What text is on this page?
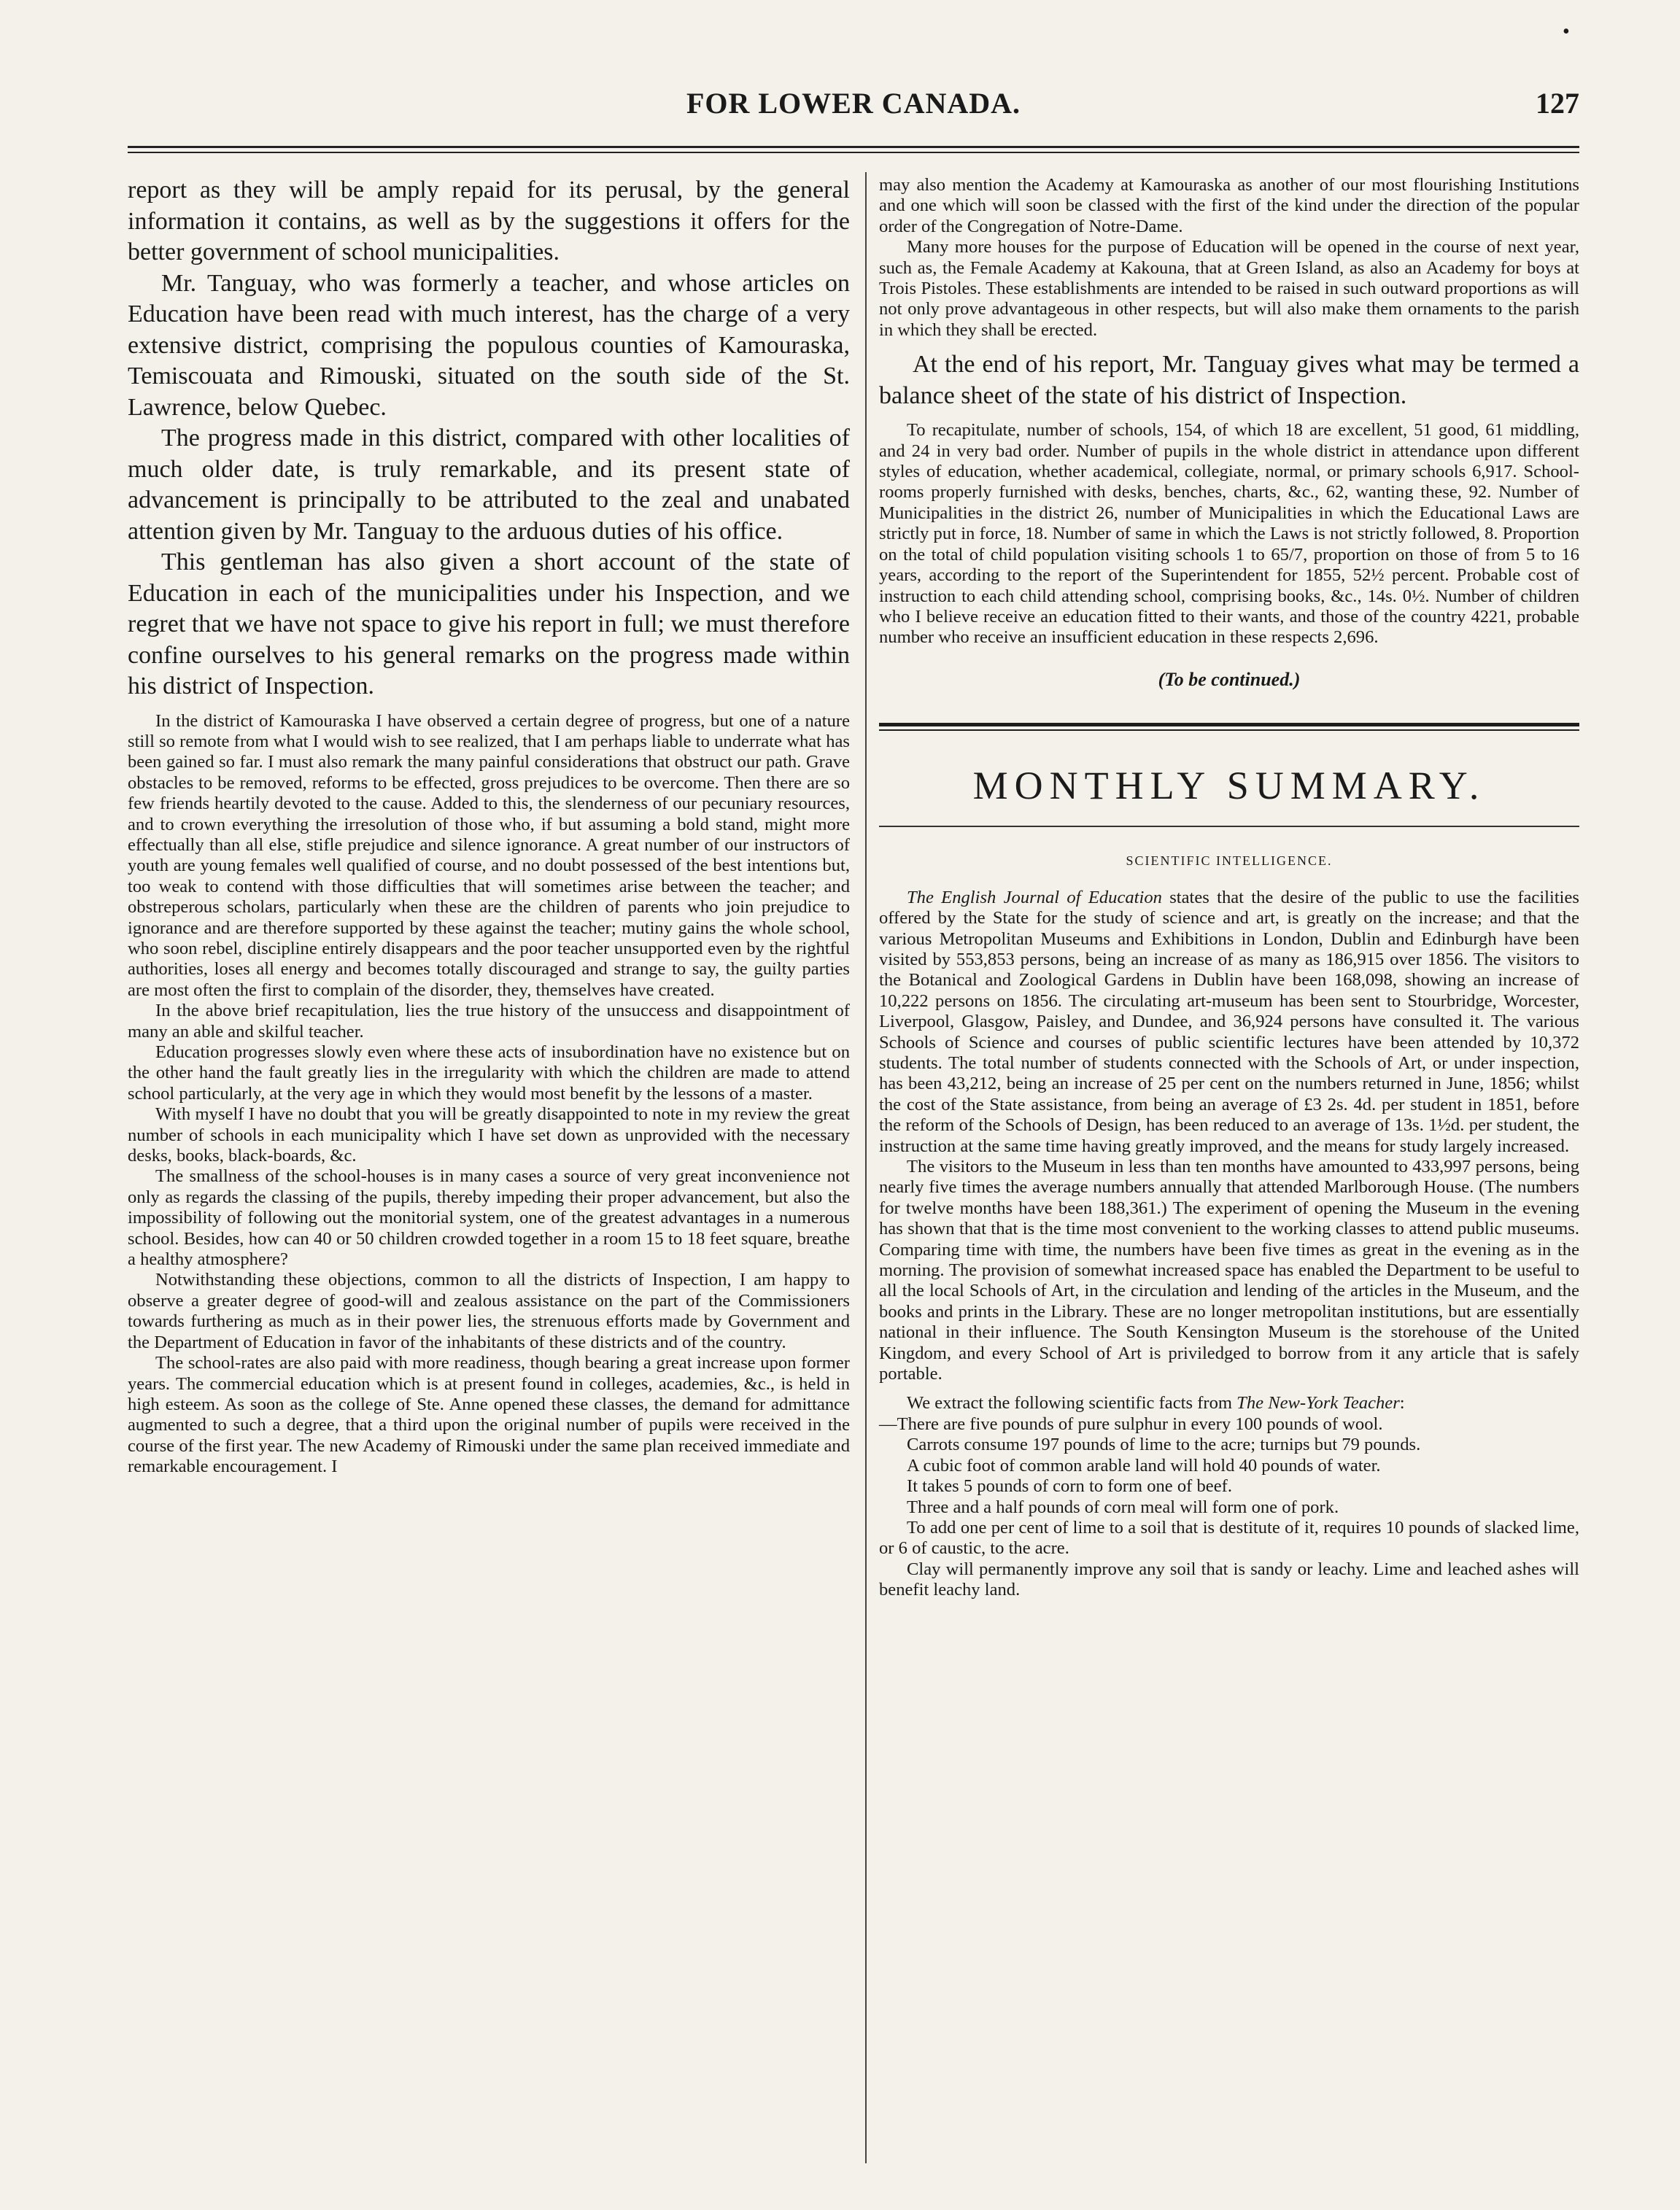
•
FOR LOWER CANADA.	127

report as they will be amply repaid for its perusal, by the general information it contains, as well as by the suggestions it offers for the better government of school municipalities.

Mr. Tanguay, who was formerly a teacher, and whose articles on Education have been read with much interest, has the charge of a very extensive district, comprising the populous counties of Kamouraska, Temiscouata and Rimouski, situated on the south side of the St. Lawrence, below Quebec.

The progress made in this district, compared with other localities of much older date, is truly remarkable, and its present state of advancement is principally to be attributed to the zeal and unabated attention given by Mr. Tanguay to the arduous duties of his office.

This gentleman has also given a short account of the state of Education in each of the municipalities under his Inspection, and we regret that we have not space to give his report in full; we must therefore confine ourselves to his general remarks on the progress made within his district of Inspection.

In the district of Kamouraska I have observed a certain degree of progress, but one of a nature still so remote from what I would wish to see realized, that I am perhaps liable to underrate what has been gained so far. I must also remark the many painful considerations that obstruct our path. Grave obstacles to be removed, reforms to be effected, gross prejudices to be overcome. Then there are so few friends heartily devoted to the cause. Added to this, the slenderness of our pecuniary resources, and to crown everything the irresolution of those who, if but assuming a bold stand, might more effectually than all else, stifle prejudice and silence ignorance. A great number of our instructors of youth are young females well qualified of course, and no doubt possessed of the best intentions but, too weak to contend with those difficulties that will sometimes arise between the teacher; and obstreperous scholars, particularly when these are the children of parents who join prejudice to ignorance and are therefore supported by these against the teacher; mutiny gains the whole school, who soon rebel, discipline entirely disappears and the poor teacher unsupported even by the rightful authorities, loses all energy and becomes totally discouraged and strange to say, the guilty parties are most often the first to complain of the disorder, they, themselves have created.

In the above brief recapitulation, lies the true history of the unsuccess and disappointment of many an able and skilful teacher.

Education progresses slowly even where these acts of insubordination have no existence but on the other hand the fault greatly lies in the irregularity with which the children are made to attend school particularly, at the very age in which they would most benefit by the lessons of a master.

With myself I have no doubt that you will be greatly disappointed to note in my review the great number of schools in each municipality which I have set down as unprovided with the necessary desks, books, black-boards, &c.

The smallness of the school-houses is in many cases a source of very great inconvenience not only as regards the classing of the pupils, thereby impeding their proper advancement, but also the impossibility of following out the monitorial system, one of the greatest advantages in a numerous school. Besides, how can 40 or 50 children crowded together in a room 15 to 18 feet square, breathe a healthy atmosphere?

Notwithstanding these objections, common to all the districts of Inspection, I am happy to observe a greater degree of good-will and zealous assistance on the part of the Commissioners towards furthering as much as in their power lies, the strenuous efforts made by Government and the Department of Education in favor of the inhabitants of these districts and of the country.

The school-rates are also paid with more readiness, though bearing a great increase upon former years. The commercial education which is at present found in colleges, academies, &c., is held in high esteem. As soon as the college of Ste. Anne opened these classes, the demand for admittance augmented to such a degree, that a third upon the original number of pupils were received in the course of the first year. The new Academy of Rimouski under the same plan received immediate and remarkable encouragement. I

may also mention the Academy at Kamouraska as another of our most flourishing Institutions and one which will soon be classed with the first of the kind under the direction of the popular order of the Congregation of Notre-Dame.

Many more houses for the purpose of Education will be opened in the course of next year, such as, the Female Academy at Kakouna, that at Green Island, as also an Academy for boys at Trois Pistoles. These establishments are intended to be raised in such outward proportions as will not only prove advantageous in other respects, but will also make them ornaments to the parish in which they shall be erected.

At the end of his report, Mr. Tanguay gives what may be termed a balance sheet of the state of his district of Inspection.

To recapitulate, number of schools, 154, of which 18 are excellent, 51 good, 61 middling, and 24 in very bad order. Number of pupils in the whole district in attendance upon different styles of education, whether academical, collegiate, normal, or primary schools 6,917. School-rooms properly furnished with desks, benches, charts, &c., 62, wanting these, 92. Number of Municipalities in the district 26, number of Municipalities in which the Educational Laws are strictly put in force, 18. Number of same in which the Laws is not strictly followed, 8. Proportion on the total of child population visiting schools 1 to 65/7, proportion on those of from 5 to 16 years, according to the report of the Superintendent for 1855, 52½ percent. Probable cost of instruction to each child attending school, comprising books, &c., 14s. 0½. Number of children who I believe receive an education fitted to their wants, and those of the country 4221, probable number who receive an insufficient education in these respects 2,696.

(To be continued.)
MONTHLY SUMMARY.
SCIENTIFIC INTELLIGENCE.

The English Journal of Education states that the desire of the public to use the facilities offered by the State for the study of science and art, is greatly on the increase; and that the various Metropolitan Museums and Exhibitions in London, Dublin and Edinburgh have been visited by 553,853 persons, being an increase of as many as 186,915 over 1856. The visitors to the Botanical and Zoological Gardens in Dublin have been 168,098, showing an increase of 10,222 persons on 1856. The circulating art-museum has been sent to Stourbridge, Worcester, Liverpool, Glasgow, Paisley, and Dundee, and 36,924 persons have consulted it. The various Schools of Science and courses of public scientific lectures have been attended by 10,372 students. The total number of students connected with the Schools of Art, or under inspection, has been 43,212, being an increase of 25 per cent on the numbers returned in June, 1856; whilst the cost of the State assistance, from being an average of £3 2s. 4d. per student in 1851, before the reform of the Schools of Design, has been reduced to an average of 13s. 1½d. per student, the instruction at the same time having greatly improved, and the means for study largely increased.

The visitors to the Museum in less than ten months have amounted to 433,997 persons, being nearly five times the average numbers annually that attended Marlborough House. (The numbers for twelve months have been 188,361.) The experiment of opening the Museum in the evening has shown that that is the time most convenient to the working classes to attend public museums. Comparing time with time, the numbers have been five times as great in the evening as in the morning. The provision of somewhat increased space has enabled the Department to be useful to all the local Schools of Art, in the circulation and lending of the articles in the Museum, and the books and prints in the Library. These are no longer metropolitan institutions, but are essentially national in their influence. The South Kensington Museum is the storehouse of the United Kingdom, and every School of Art is priviledged to borrow from it any article that is safely portable.

We extract the following scientific facts from The New-York Teacher:

—There are five pounds of pure sulphur in every 100 pounds of wool.

Carrots consume 197 pounds of lime to the acre; turnips but 79 pounds.

A cubic foot of common arable land will hold 40 pounds of water.

It takes 5 pounds of corn to form one of beef.

Three and a half pounds of corn meal will form one of pork.

To add one per cent of lime to a soil that is destitute of it, requires 10 pounds of slacked lime, or 6 of caustic, to the acre.

Clay will permanently improve any soil that is sandy or leachy. Lime and leached ashes will benefit leachy land.
